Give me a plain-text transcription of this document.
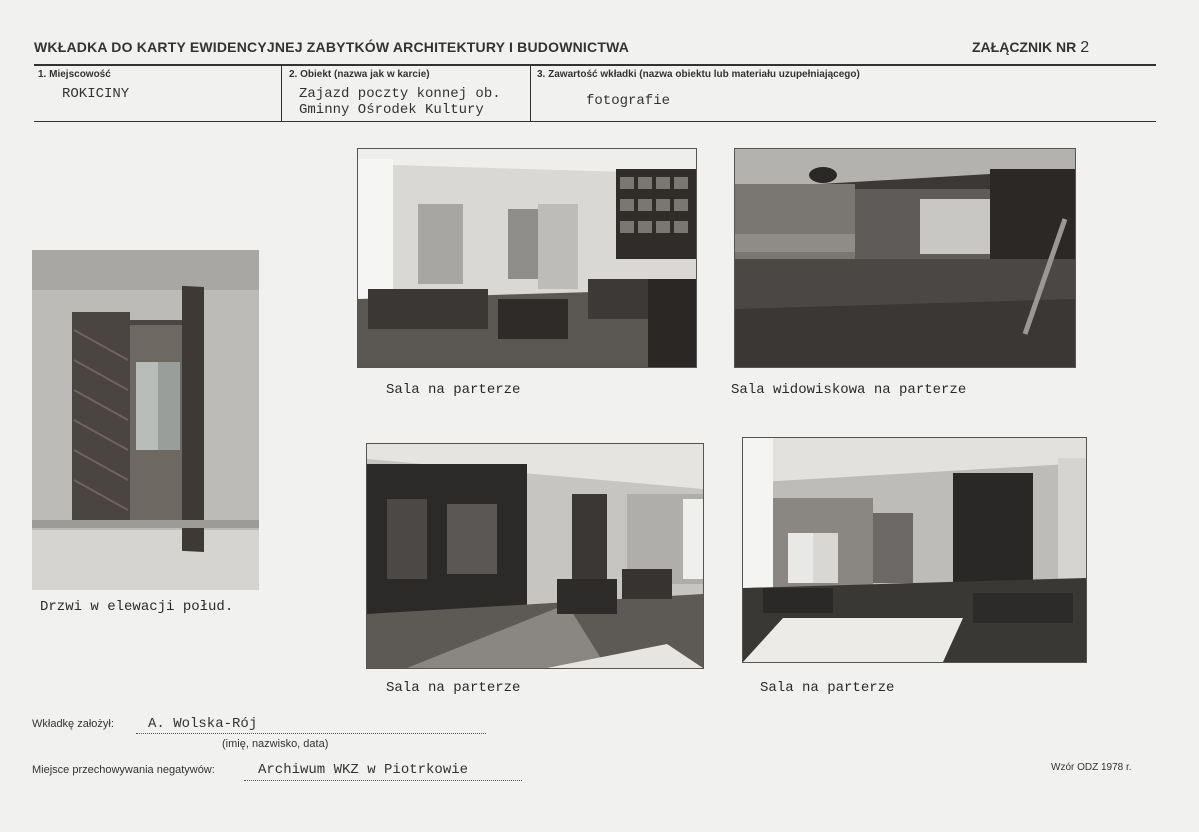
WKŁADKA DO KARTY EWIDENCYJNEJ ZABYTKÓW ARCHITEKTURY I BUDOWNICTWA	ZAŁĄCZNIK NR 2
1. Miejscowość
ROKICINY
2. Obiekt (nazwa jak w karcie)
Zajazd poczty konnej ob.
Gminny Ośrodek Kultury
3. Zawartość wkładki (nazwa obiektu lub materiału uzupełniającego)
fotografie
Drzwi w elewacji połud.
Sala na parterze	Sala widowiskowa na parterze
Sala na parterze	Sala na parterze
Wkładkę założył: A. Wolska-Rój
(imię, nazwisko, data)
Miejsce przechowywania negatywów:	Archiwum WKZ w Piotrkowie	Wzór ODZ 1978 r.
